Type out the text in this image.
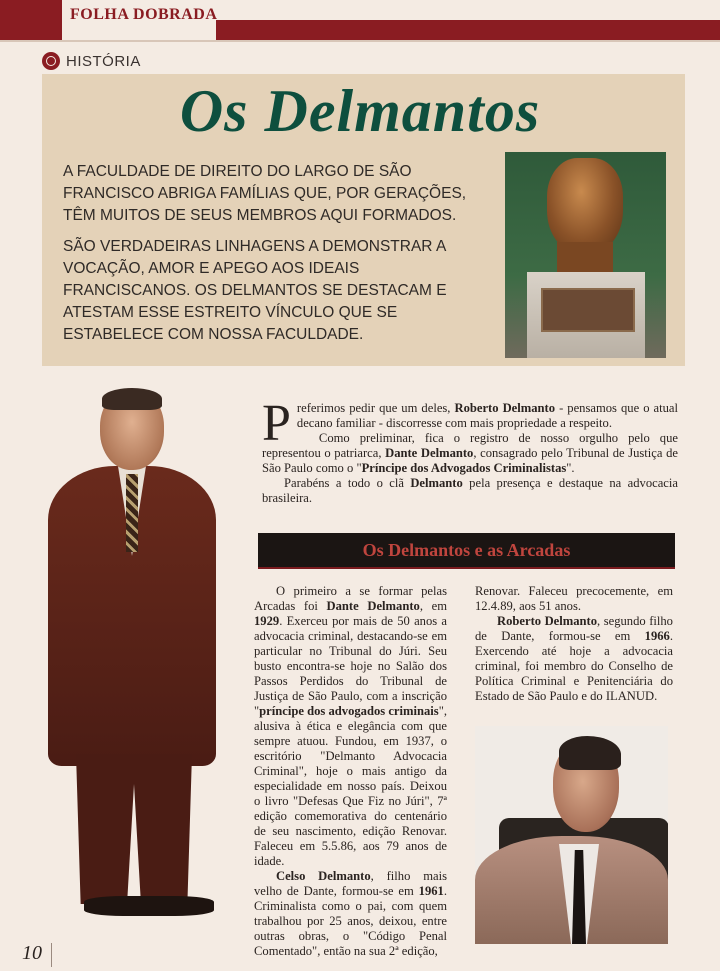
FOLHA DOBRADA
HISTÓRIA
Os Delmantos
A FACULDADE DE DIREITO DO LARGO DE SÃO FRANCISCO ABRIGA FAMÍLIAS QUE, POR GERAÇÕES, TÊM MUITOS DE SEUS MEMBROS AQUI FORMADOS.
SÃO VERDADEIRAS LINHAGENS A DEMONSTRAR A VOCAÇÃO, AMOR E APEGO AOS IDEAIS FRANCISCANOS. OS DELMANTOS SE DESTACAM E ATESTAM ESSE ESTREITO VÍNCULO QUE SE ESTABELECE COM NOSSA FACULDADE.
P referimos pedir que um deles, Roberto Delmanto - pensamos que o atual decano familiar - discorresse com mais propriedade a respeito.
Como preliminar, fica o registro de nosso orgulho pelo que representou o patriarca, Dante Delmanto, consagrado pelo Tribunal de Justiça de São Paulo como o "Príncipe dos Advogados Criminalistas".
Parabéns a todo o clã Delmanto pela presença e destaque na advocacia brasileira.
Os Delmantos e as Arcadas

O primeiro a se formar pelas Arcadas foi Dante Delmanto, em 1929. Exerceu por mais de 50 anos a advocacia criminal, destacando-se em particular no Tribunal do Júri. Seu busto encontra-se hoje no Salão dos Passos Perdidos do Tribunal de Justiça de São Paulo, com a inscrição "príncipe dos advogados criminais", alusiva à ética e elegância com que sempre atuou. Fundou, em 1937, o escritório "Delmanto Advocacia Criminal", hoje o mais antigo da especialidade em nosso país. Deixou o livro "Defesas Que Fiz no Júri", 7ª edição comemorativa do centenário de seu nascimento, edição Renovar. Faleceu em 5.5.86, aos 79 anos de idade.

Celso Delmanto, filho mais velho de Dante, formou-se em 1961. Criminalista como o pai, com quem trabalhou por 25 anos, deixou, entre outras obras, o "Código Penal Comentado", então na sua 2ª edição,

Renovar. Faleceu precocemente, em 12.4.89, aos 51 anos.

Roberto Delmanto, segundo filho de Dante, formou-se em 1966. Exercendo até hoje a advocacia criminal, foi membro do Conselho de Política Criminal e Penitenciária do Estado de São Paulo e do ILANUD.

10
